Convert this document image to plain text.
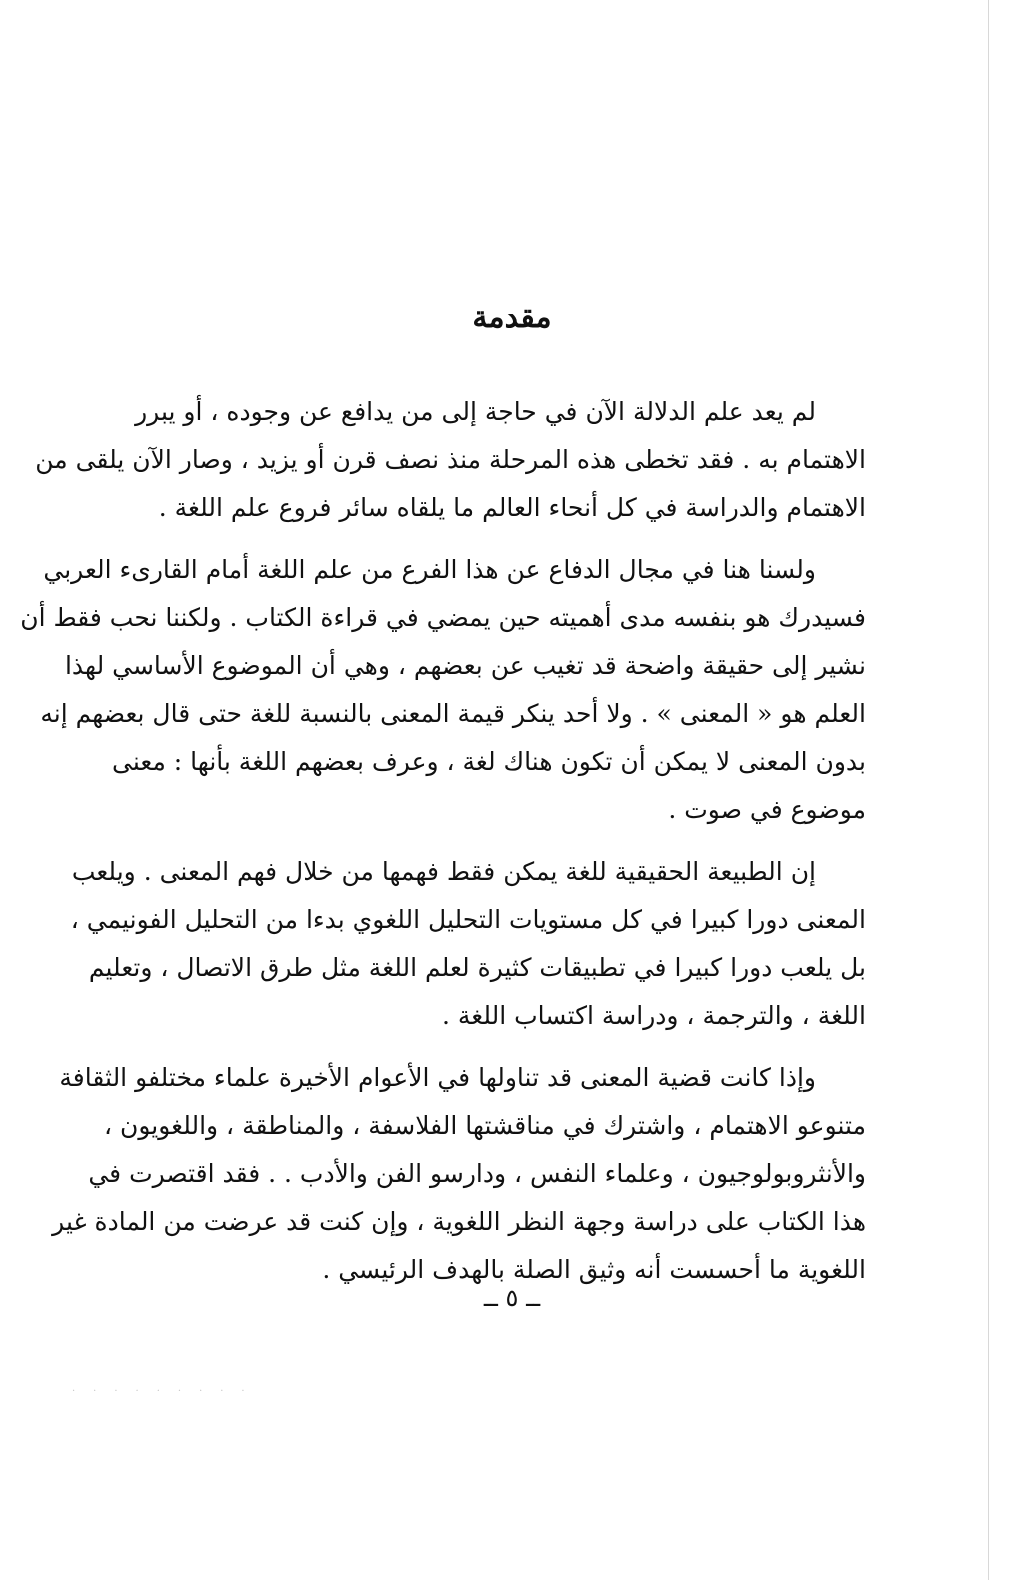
مقدمة

لم يعد علم الدلالة الآن في حاجة إلى من يدافع عن وجوده ، أو يبرر
الاهتمام به . فقد تخطى هذه المرحلة منذ نصف قرن أو يزيد ، وصار الآن يلقى من
الاهتمام والدراسة في كل أنحاء العالم ما يلقاه سائر فروع علم اللغة .

ولسنا هنا في مجال الدفاع عن هذا الفرع من علم اللغة أمام القارىء العربي
فسيدرك هو بنفسه مدى أهميته حين يمضي في قراءة الكتاب . ولكننا نحب فقط أن
نشير إلى حقيقة واضحة قد تغيب عن بعضهم ، وهي أن الموضوع الأساسي لهذا
العلم هو « المعنى » . ولا أحد ينكر قيمة المعنى بالنسبة للغة حتى قال بعضهم إنه
بدون المعنى لا يمكن أن تكون هناك لغة ، وعرف بعضهم اللغة بأنها : معنى
موضوع في صوت .

إن الطبيعة الحقيقية للغة يمكن فقط فهمها من خلال فهم المعنى . ويلعب
المعنى دورا كبيرا في كل مستويات التحليل اللغوي بدءا من التحليل الفونيمي ،
بل يلعب دورا كبيرا في تطبيقات كثيرة لعلم اللغة مثل طرق الاتصال ، وتعليم
اللغة ، والترجمة ، ودراسة اكتساب اللغة .

وإذا كانت قضية المعنى قد تناولها في الأعوام الأخيرة علماء مختلفو الثقافة
متنوعو الاهتمام ، واشترك في مناقشتها الفلاسفة ، والمناطقة ، واللغويون ،
والأنثروبولوجيون ، وعلماء النفس ، ودارسو الفن والأدب . . فقد اقتصرت في
هذا الكتاب على دراسة وجهة النظر اللغوية ، وإن كنت قد عرضت من المادة غير
اللغوية ما أحسست أنه وثيق الصلة بالهدف الرئيسي .

ــ ٥ ــ
·········
